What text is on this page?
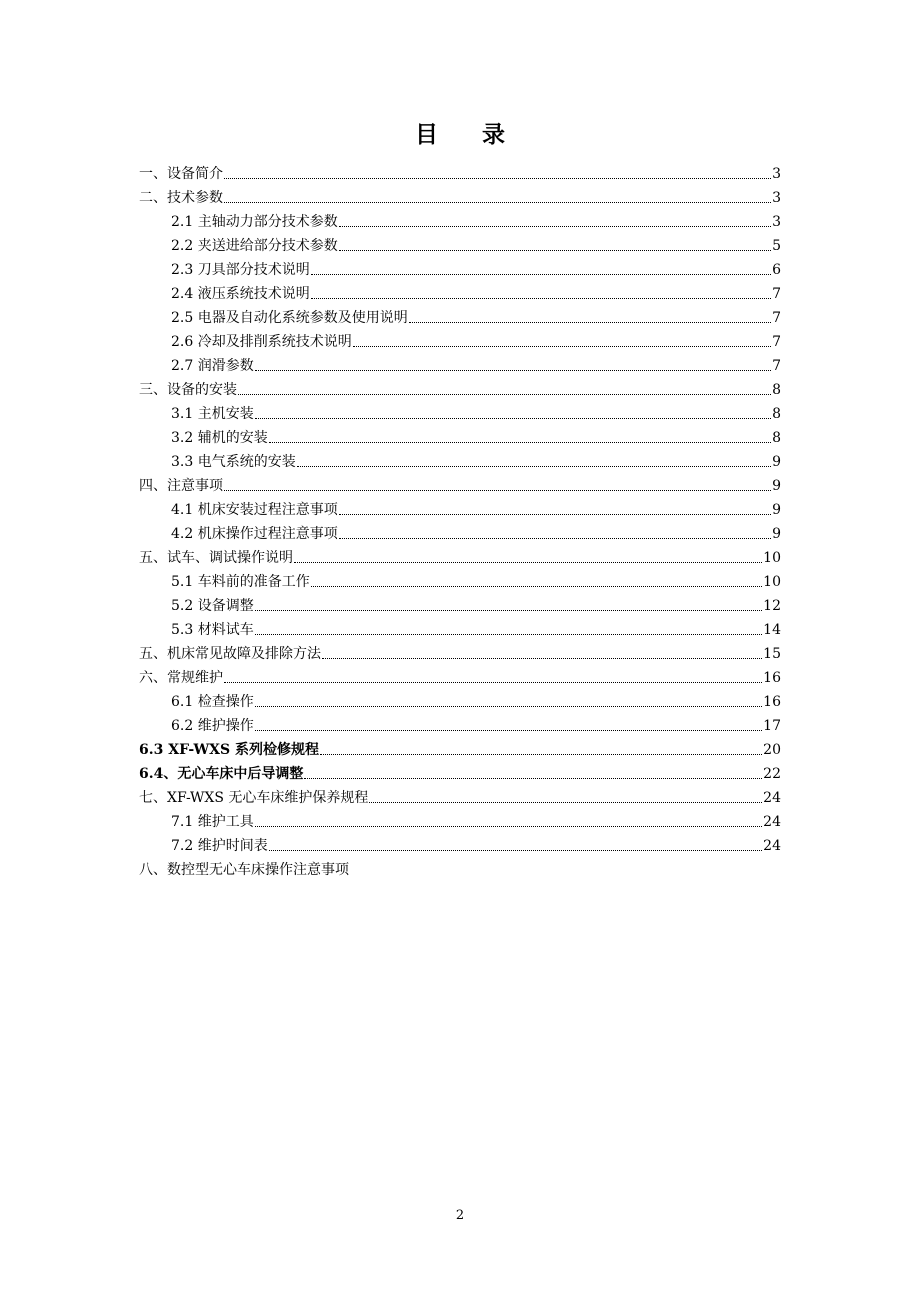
目 录
一、设备简介	3
二、技术参数	3
2.1 主轴动力部分技术参数	3
2.2 夹送进给部分技术参数	5
2.3 刀具部分技术说明	6
2.4 液压系统技术说明	7
2.5 电器及自动化系统参数及使用说明	7
2.6 冷却及排削系统技术说明	7
2.7 润滑参数	7
三、设备的安装	8
3.1 主机安装	8
3.2 辅机的安装	8
3.3 电气系统的安装	9
四、注意事项	9
4.1 机床安装过程注意事项	9
4.2 机床操作过程注意事项	9
五、试车、调试操作说明	10
5.1 车料前的准备工作	10
5.2 设备调整	12
5.3 材料试车	14
五、机床常见故障及排除方法	15
六、常规维护	16
6.1 检查操作	16
6.2 维护操作	17
6.3 XF-WXS 系列检修规程	20
6.4、无心车床中后导调整	22
七、XF-WXS 无心车床维护保养规程	24
7.1 维护工具	24
7.2 维护时间表	24
八、数控型无心车床操作注意事项
2
